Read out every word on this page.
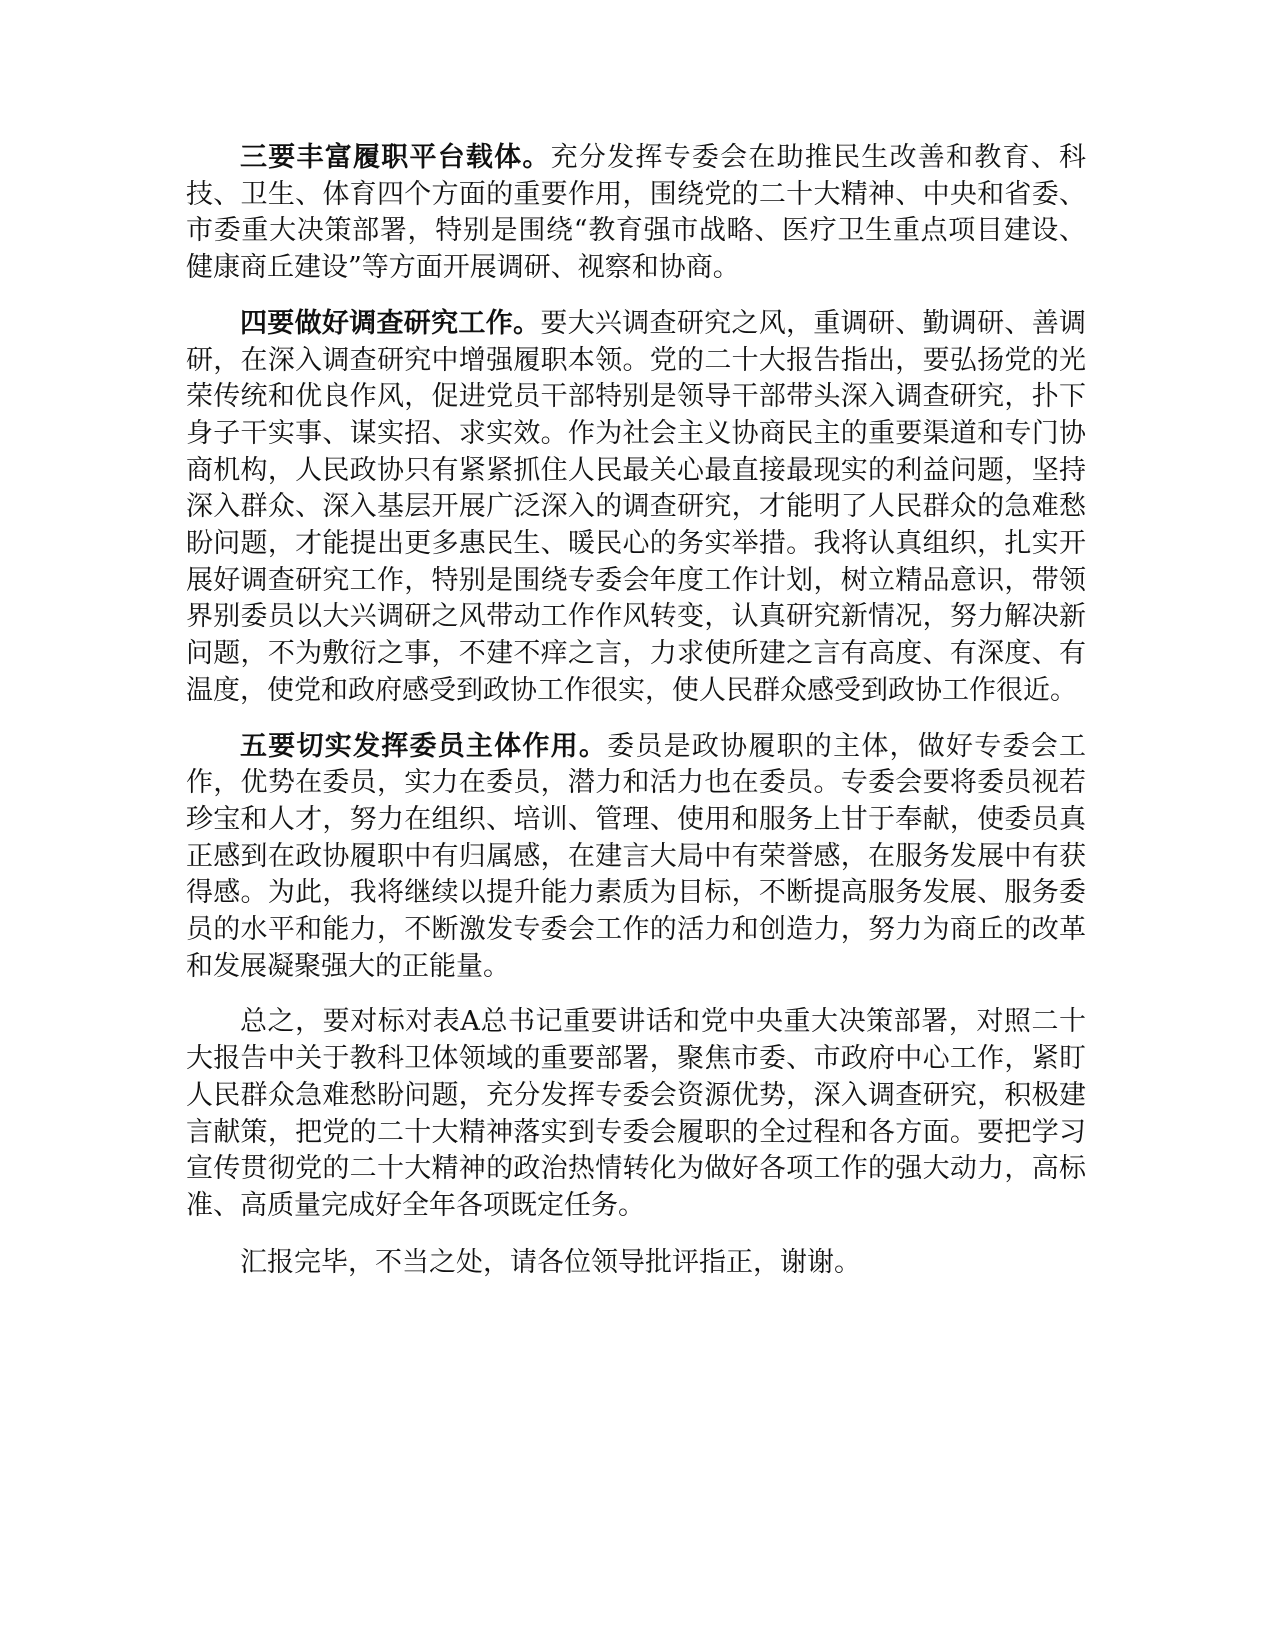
三要丰富履职平台载体。充分发挥专委会在助推民生改善和教育、科技、卫生、体育四个方面的重要作用，围绕党的二十大精神、中央和省委、市委重大决策部署，特别是围绕“教育强市战略、医疗卫生重点项目建设、健康商丘建设”等方面开展调研、视察和协商。

四要做好调查研究工作。要大兴调查研究之风，重调研、勤调研、善调研，在深入调查研究中增强履职本领。党的二十大报告指出，要弘扬党的光荣传统和优良作风，促进党员干部特别是领导干部带头深入调查研究，扑下身子干实事、谋实招、求实效。作为社会主义协商民主的重要渠道和专门协商机构，人民政协只有紧紧抓住人民最关心最直接最现实的利益问题，坚持深入群众、深入基层开展广泛深入的调查研究，才能明了人民群众的急难愁盼问题，才能提出更多惠民生、暖民心的务实举措。我将认真组织，扎实开展好调查研究工作，特别是围绕专委会年度工作计划，树立精品意识，带领界别委员以大兴调研之风带动工作作风转变，认真研究新情况，努力解决新问题，不为敷衍之事，不建不痒之言，力求使所建之言有高度、有深度、有温度，使党和政府感受到政协工作很实，使人民群众感受到政协工作很近。

五要切实发挥委员主体作用。委员是政协履职的主体，做好专委会工作，优势在委员，实力在委员，潜力和活力也在委员。专委会要将委员视若珍宝和人才，努力在组织、培训、管理、使用和服务上甘于奉献，使委员真正感到在政协履职中有归属感，在建言大局中有荣誉感，在服务发展中有获得感。为此，我将继续以提升能力素质为目标，不断提高服务发展、服务委员的水平和能力，不断激发专委会工作的活力和创造力，努力为商丘的改革和发展凝聚强大的正能量。

总之，要对标对表A总书记重要讲话和党中央重大决策部署，对照二十大报告中关于教科卫体领域的重要部署，聚焦市委、市政府中心工作，紧盯人民群众急难愁盼问题，充分发挥专委会资源优势，深入调查研究，积极建言献策，把党的二十大精神落实到专委会履职的全过程和各方面。要把学习宣传贯彻党的二十大精神的政治热情转化为做好各项工作的强大动力，高标准、高质量完成好全年各项既定任务。

汇报完毕，不当之处，请各位领导批评指正，谢谢。
